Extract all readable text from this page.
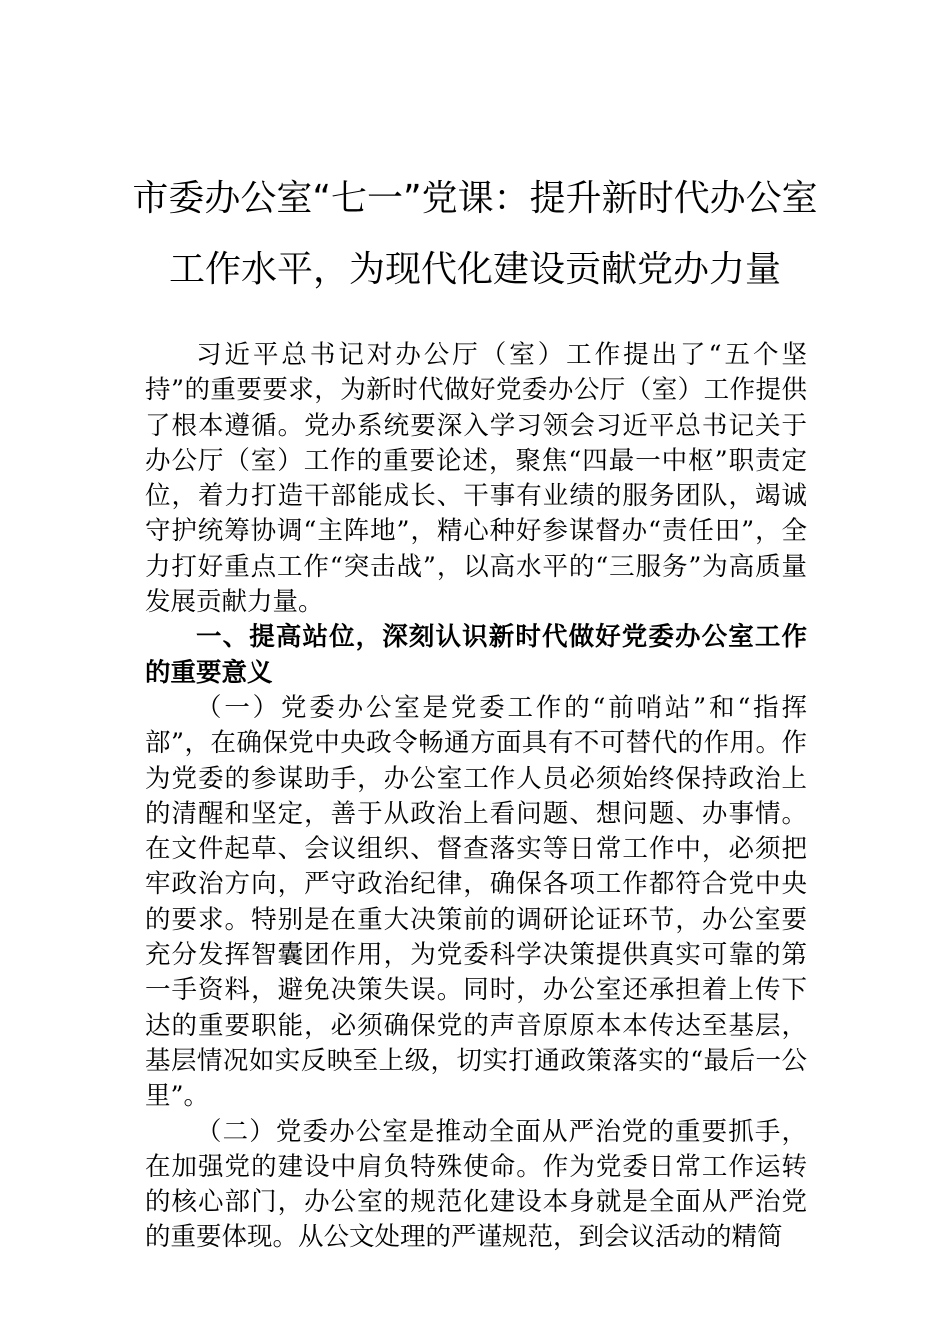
市委办公室“七一”党课：提升新时代办公室
工作水平，为现代化建设贡献党办力量

习近平总书记对办公厅（室）工作提出了“五个坚持”的重要要求，为新时代做好党委办公厅（室）工作提供了根本遵循。党办系统要深入学习领会习近平总书记关于办公厅（室）工作的重要论述，聚焦“四最一中枢”职责定位，着力打造干部能成长、干事有业绩的服务团队，竭诚守护统筹协调“主阵地”，精心种好参谋督办“责任田”，全力打好重点工作“突击战”，以高水平的“三服务”为高质量发展贡献力量。

一、提高站位，深刻认识新时代做好党委办公室工作的重要意义

（一）党委办公室是党委工作的“前哨站”和“指挥部”，在确保党中央政令畅通方面具有不可替代的作用。作为党委的参谋助手，办公室工作人员必须始终保持政治上的清醒和坚定，善于从政治上看问题、想问题、办事情。在文件起草、会议组织、督查落实等日常工作中，必须把牢政治方向，严守政治纪律，确保各项工作都符合党中央的要求。特别是在重大决策前的调研论证环节，办公室要充分发挥智囊团作用，为党委科学决策提供真实可靠的第一手资料，避免决策失误。同时，办公室还承担着上传下达的重要职能，必须确保党的声音原原本本传达至基层，基层情况如实反映至上级，切实打通政策落实的“最后一公里”。

（二）党委办公室是推动全面从严治党的重要抓手，在加强党的建设中肩负特殊使命。作为党委日常工作运转的核心部门，办公室的规范化建设本身就是全面从严治党的重要体现。从公文处理的严谨规范，到会议活动的精简
